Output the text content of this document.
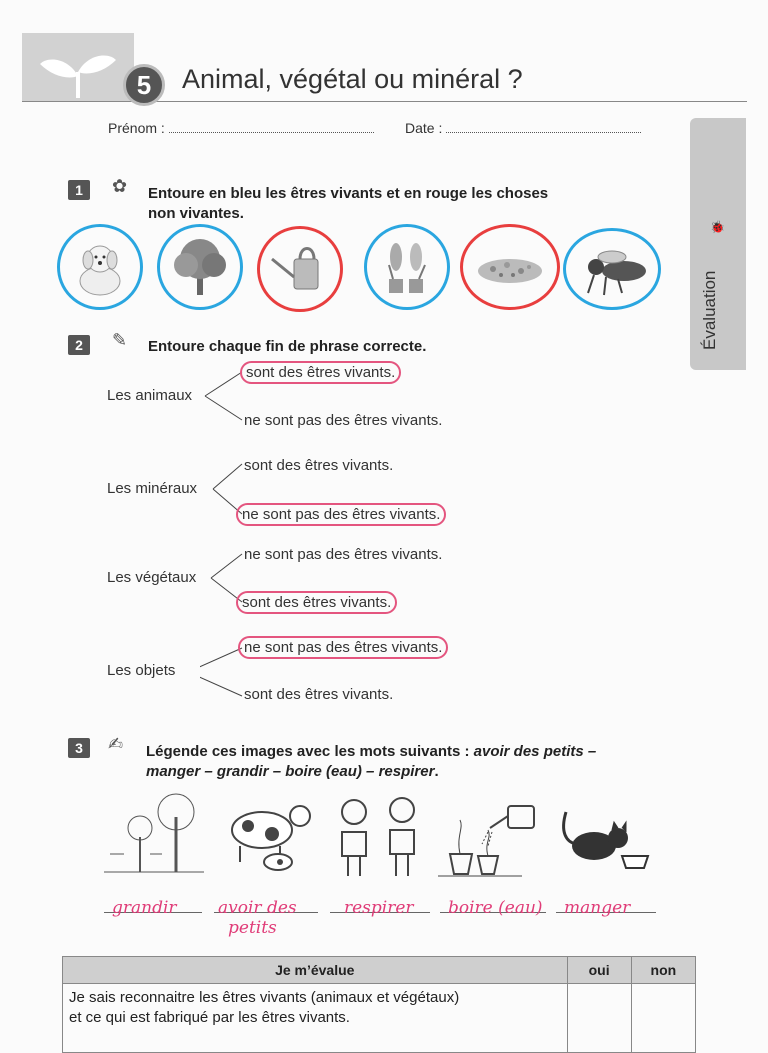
5	Animal, végétal ou minéral ?
Prénom :	Date :
🐞
Évaluation
1	✿ Entoure en bleu les êtres vivants et en rouge les choses
non vivantes.
2	✎ Entoure chaque fin de phrase correcte.
Les animaux
sont des êtres vivants.
ne sont pas des êtres vivants.
Les minéraux
sont des êtres vivants.
ne sont pas des êtres vivants.
Les végétaux
ne sont pas des êtres vivants.
sont des êtres vivants.
Les objets
ne sont pas des êtres vivants.
sont des êtres vivants.
3	✍ Légende ces images avec les mots suivants : avoir des petits –
manger – grandir – boire (eau) – respirer.
grandir avoir des
petits
respirer boire (eau) manger
Je m’évalue	oui	non

Je sais reconnaitre les êtres vivants (animaux et végétaux)
et ce qui est fabriqué par les êtres vivants.		
